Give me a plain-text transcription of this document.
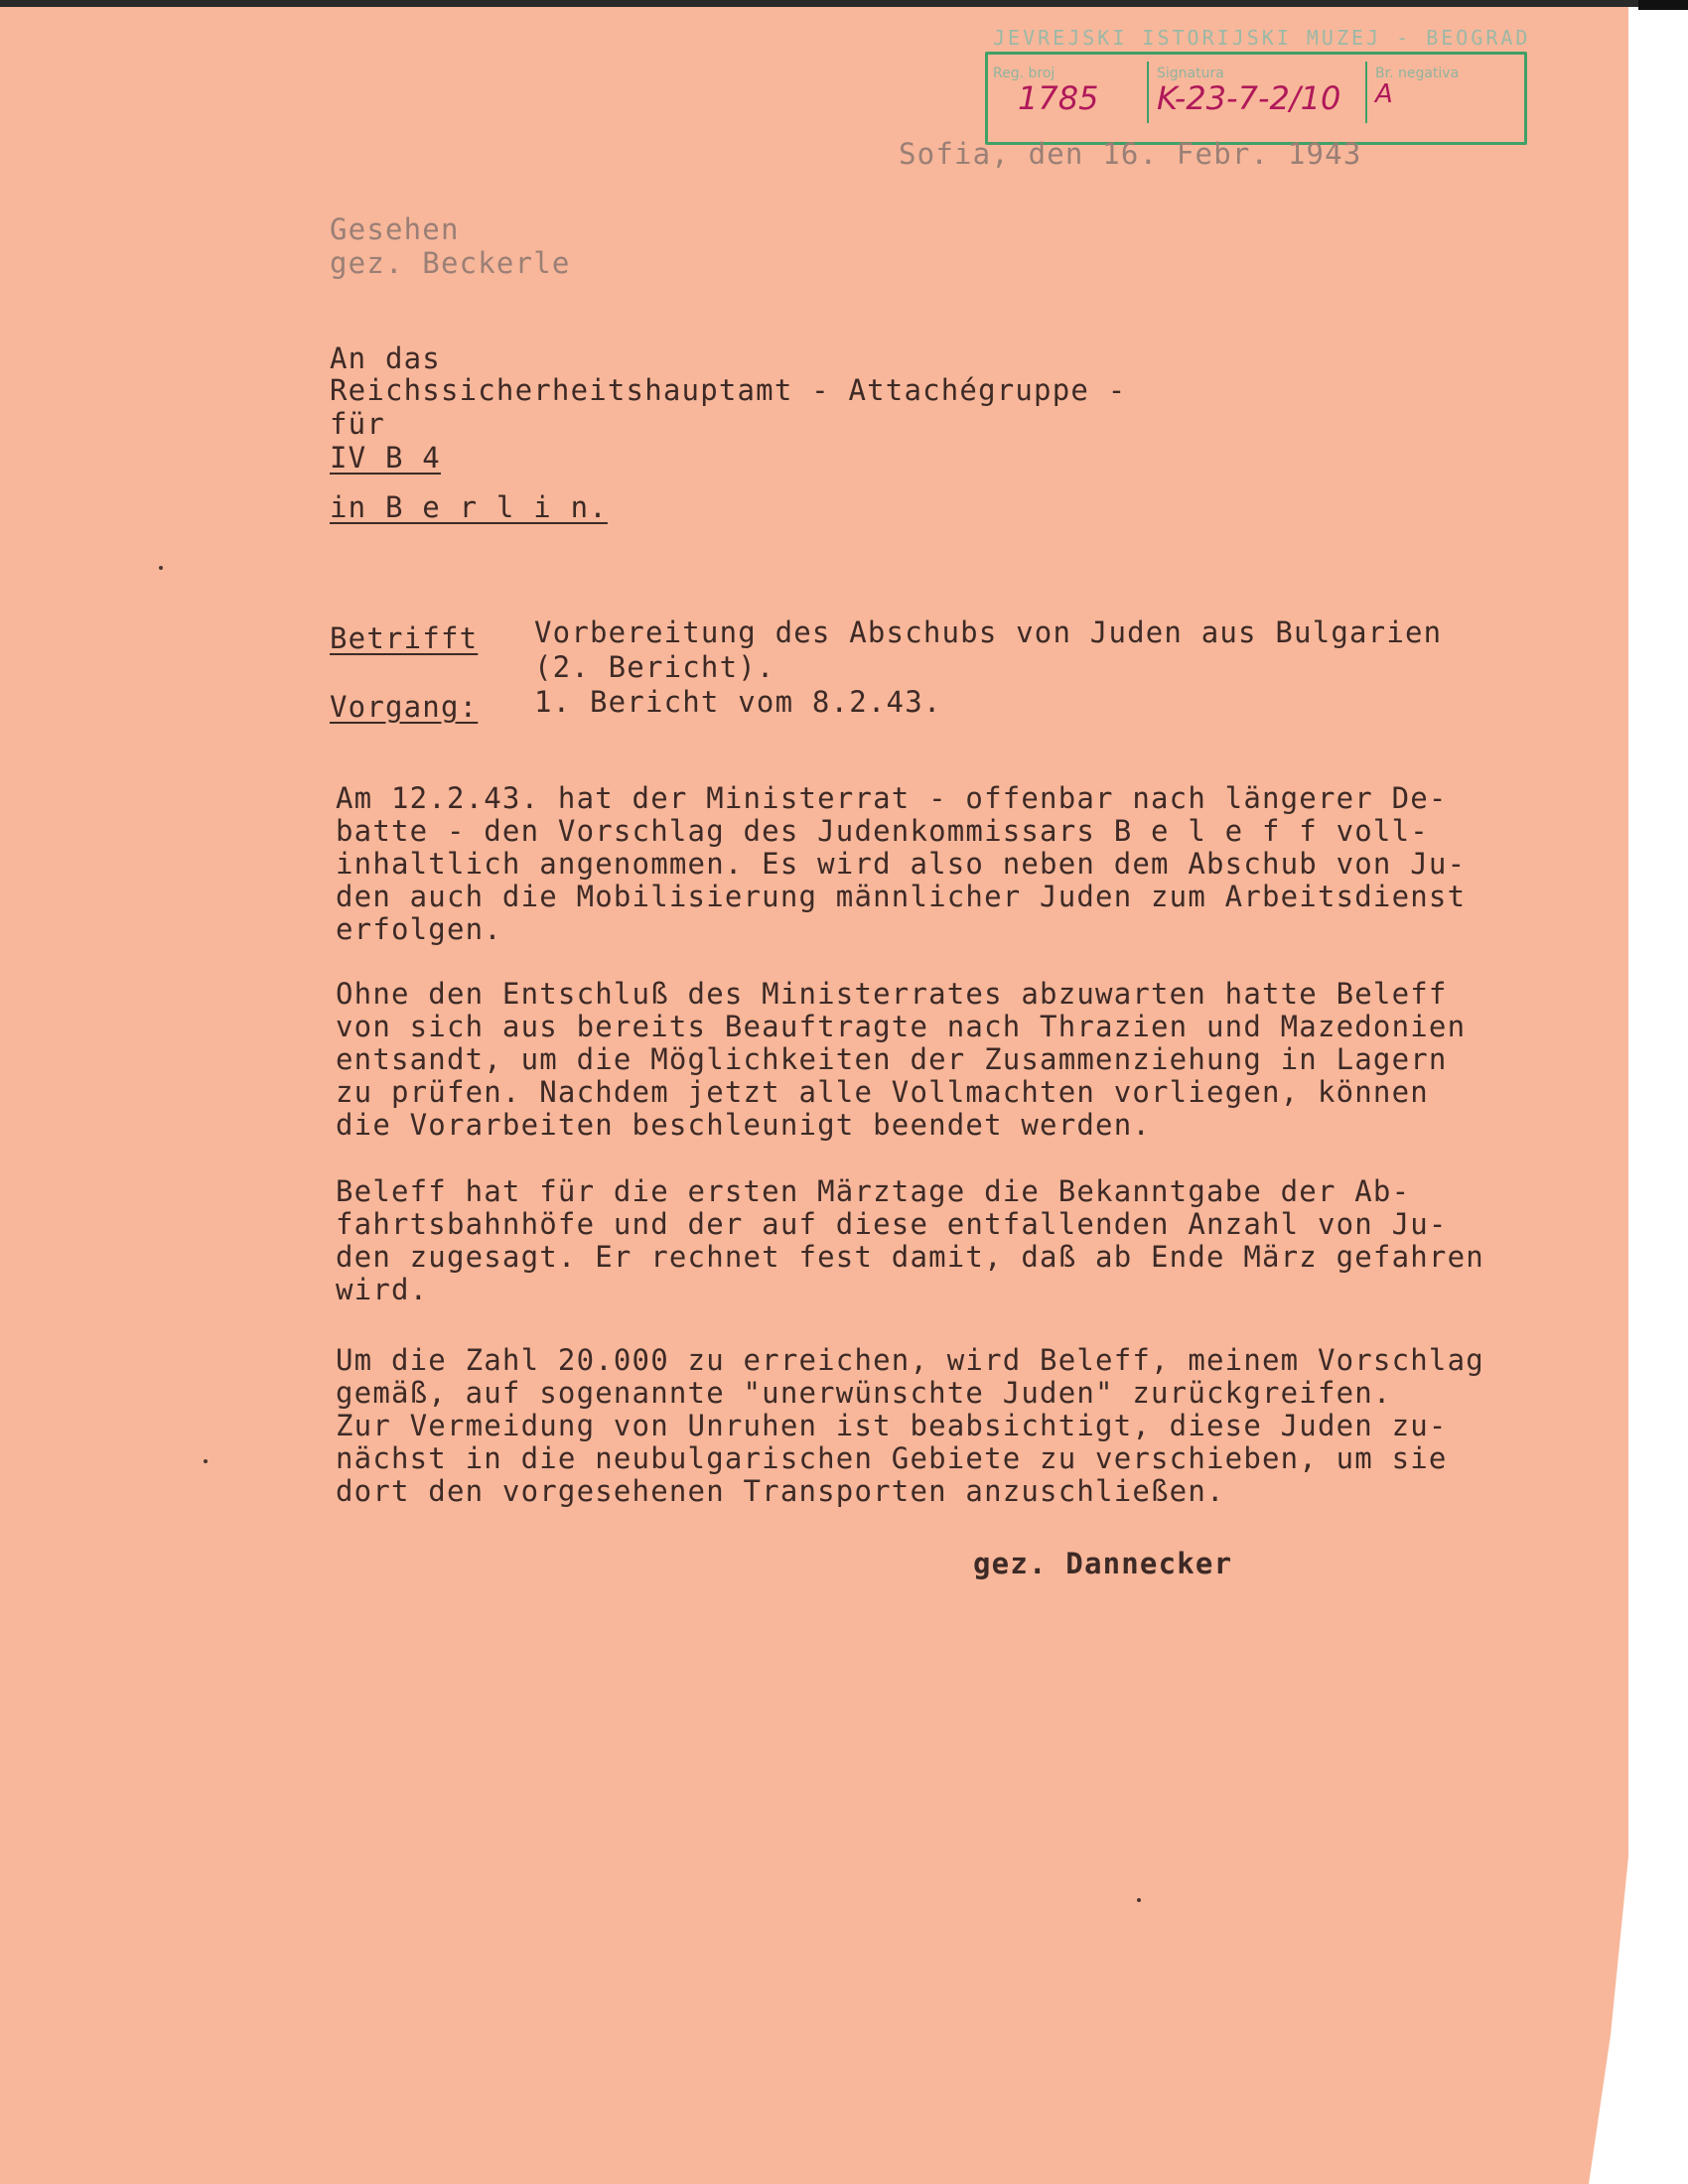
JEVREJSKI ISTORIJSKI MUZEJ - BEOGRAD
Reg. broj	Signatura	Br. negativa
1785 K-23-7-2/10 A
Sofia, den 16. Febr. 1943
Gesehen
gez. Beckerle
An das
Reichssicherheitshauptamt - Attachégruppe -
für
IV B 4
in B e r l i n.
Betrifft Vorbereitung des Abschubs von Juden aus Bulgarien
(2. Bericht).
Vorgang: 1. Bericht vom 8.2.43.
Am 12.2.43. hat der Ministerrat - offenbar nach längerer De-
batte - den Vorschlag des Judenkommissars B e l e f f voll-
inhaltlich angenommen. Es wird also neben dem Abschub von Ju-
den auch die Mobilisierung männlicher Juden zum Arbeitsdienst
erfolgen.
Ohne den Entschluß des Ministerrates abzuwarten hatte Beleff
von sich aus bereits Beauftragte nach Thrazien und Mazedonien
entsandt, um die Möglichkeiten der Zusammenziehung in Lagern
zu prüfen. Nachdem jetzt alle Vollmachten vorliegen, können
die Vorarbeiten beschleunigt beendet werden.
Beleff hat für die ersten Märztage die Bekanntgabe der Ab-
fahrtsbahnhöfe und der auf diese entfallenden Anzahl von Ju-
den zugesagt. Er rechnet fest damit, daß ab Ende März gefahren
wird.
Um die Zahl 20.000 zu erreichen, wird Beleff, meinem Vorschlag
gemäß, auf sogenannte "unerwünschte Juden" zurückgreifen.
Zur Vermeidung von Unruhen ist beabsichtigt, diese Juden zu-
nächst in die neubulgarischen Gebiete zu verschieben, um sie
dort den vorgesehenen Transporten anzuschließen.
gez. Dannecker
